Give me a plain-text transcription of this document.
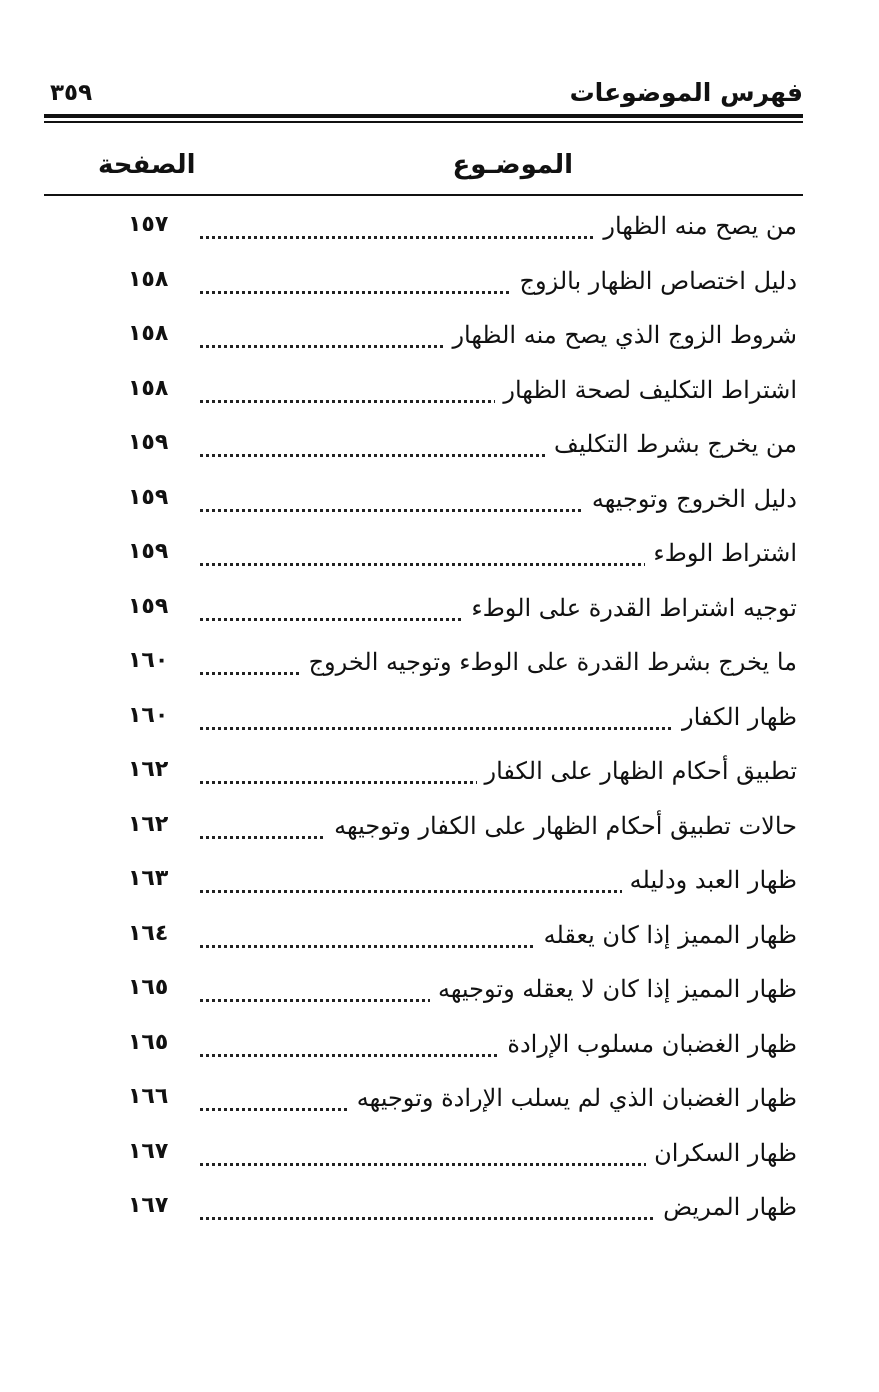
فهرس الموضوعات
٣٥٩
الموضـوع
الصفحة
من يصح منه الظهار
١٥٧
دليل اختصاص الظهار بالزوج
١٥٨
شروط الزوج الذي يصح منه الظهار
١٥٨
اشتراط التكليف لصحة الظهار
١٥٨
من يخرج بشرط التكليف
١٥٩
دليل الخروج وتوجيهه
١٥٩
اشتراط الوطء
١٥٩
توجيه اشتراط القدرة على الوطء
١٥٩
ما يخرج بشرط القدرة على الوطء وتوجيه الخروج
١٦٠
ظهار الكفار
١٦٠
تطبيق أحكام الظهار على الكفار
١٦٢
حالات تطبيق أحكام الظهار على الكفار وتوجيهه
١٦٢
ظهار العبد ودليله
١٦٣
ظهار المميز إذا كان يعقله
١٦٤
ظهار المميز إذا كان لا يعقله وتوجيهه
١٦٥
ظهار الغضبان مسلوب الإرادة
١٦٥
ظهار الغضبان الذي لم يسلب الإرادة وتوجيهه
١٦٦
ظهار السكران
١٦٧
ظهار المريض
١٦٧
